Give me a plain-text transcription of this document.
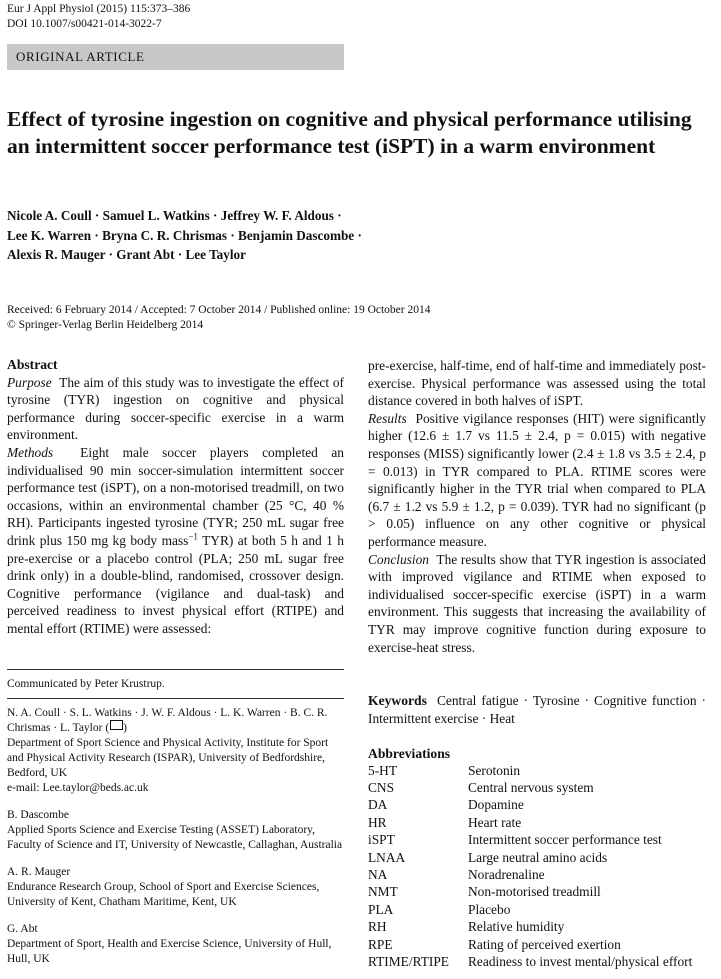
Eur J Appl Physiol (2015) 115:373–386
DOI 10.1007/s00421-014-3022-7
ORIGINAL ARTICLE
Effect of tyrosine ingestion on cognitive and physical performance utilising an intermittent soccer performance test (iSPT) in a warm environment
Nicole A. Coull · Samuel L. Watkins · Jeffrey W. F. Aldous ·
Lee K. Warren · Bryna C. R. Chrismas · Benjamin Dascombe ·
Alexis R. Mauger · Grant Abt · Lee Taylor
Received: 6 February 2014 / Accepted: 7 October 2014 / Published online: 19 October 2014
© Springer-Verlag Berlin Heidelberg 2014
Abstract
Purpose The aim of this study was to investigate the effect of tyrosine (TYR) ingestion on cognitive and physical performance during soccer-specific exercise in a warm environment.
Methods Eight male soccer players completed an individualised 90 min soccer-simulation intermittent soccer performance test (iSPT), on a non-motorised treadmill, on two occasions, within an environmental chamber (25 °C, 40 % RH). Participants ingested tyrosine (TYR; 250 mL sugar free drink plus 150 mg kg body mass$^{-1}$ TYR) at both 5 h and 1 h pre-exercise or a placebo control (PLA; 250 mL sugar free drink only) in a double-blind, randomised, crossover design. Cognitive performance (vigilance and dual-task) and perceived readiness to invest physical effort (RTIPE) and mental effort (RTIME) were assessed:
Communicated by Peter Krustrup.

N. A. Coull · S. L. Watkins · J. W. F. Aldous · L. K. Warren · B. C. R. Chrismas · L. Taylor ( )
Department of Sport Science and Physical Activity, Institute for Sport and Physical Activity Research (ISPAR), University of Bedfordshire, Bedford, UK
e-mail: Lee.taylor@beds.ac.uk

B. Dascombe
Applied Sports Science and Exercise Testing (ASSET) Laboratory, Faculty of Science and IT, University of Newcastle, Callaghan, Australia

A. R. Mauger
Endurance Research Group, School of Sport and Exercise Sciences, University of Kent, Chatham Maritime, Kent, UK

G. Abt
Department of Sport, Health and Exercise Science, University of Hull, Hull, UK

pre-exercise, half-time, end of half-time and immediately post-exercise. Physical performance was assessed using the total distance covered in both halves of iSPT.
Results Positive vigilance responses (HIT) were significantly higher (12.6 ± 1.7 vs 11.5 ± 2.4, p = 0.015) with negative responses (MISS) significantly lower (2.4 ± 1.8 vs 3.5 ± 2.4, p = 0.013) in TYR compared to PLA. RTIME scores were significantly higher in the TYR trial when compared to PLA (6.7 ± 1.2 vs 5.9 ± 1.2, p = 0.039). TYR had no significant (p > 0.05) influence on any other cognitive or physical performance measure.
Conclusion The results show that TYR ingestion is associated with improved vigilance and RTIME when exposed to individualised soccer-specific exercise (iSPT) in a warm environment. This suggests that increasing the availability of TYR may improve cognitive function during exposure to exercise-heat stress.
Keywords Central fatigue · Tyrosine · Cognitive function · Intermittent exercise · Heat
Abbreviations
5-HT	Serotonin
CNS	Central nervous system
DA	Dopamine
HR	Heart rate
iSPT	Intermittent soccer performance test
LNAA	Large neutral amino acids
NA	Noradrenaline
NMT	Non-motorised treadmill
PLA	Placebo
RH	Relative humidity
RPE	Rating of perceived exertion
RTIME/RTIPE	Readiness to invest mental/physical effort
